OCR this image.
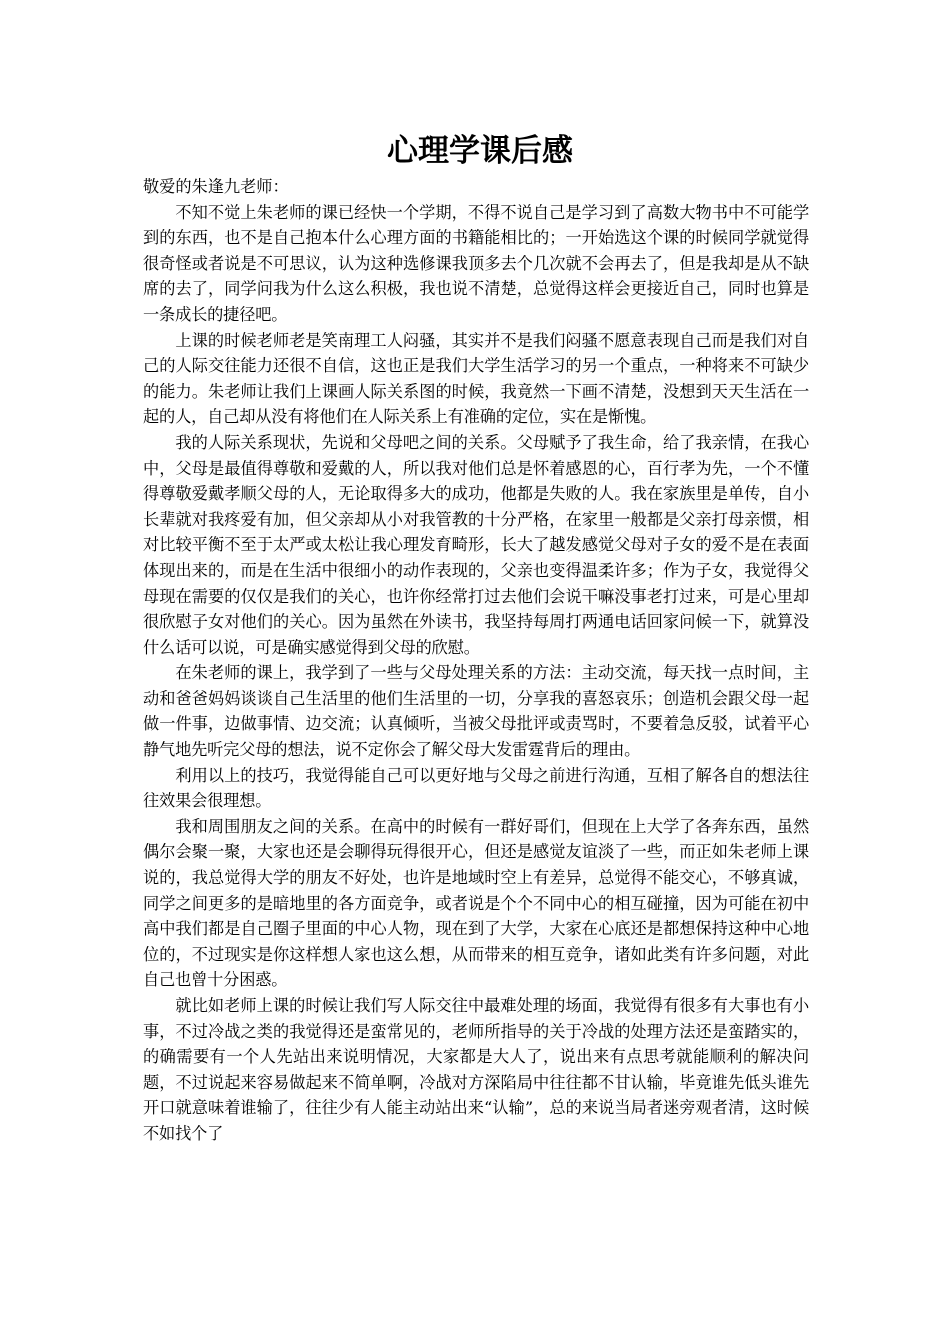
心理学课后感

敬爱的朱逢九老师：

不知不觉上朱老师的课已经快一个学期，不得不说自己是学习到了高数大物书中不可能学到的东西，也不是自己抱本什么心理方面的书籍能相比的；一开始选这个课的时候同学就觉得很奇怪或者说是不可思议，认为这种选修课我顶多去个几次就不会再去了，但是我却是从不缺席的去了，同学问我为什么这么积极，我也说不清楚，总觉得这样会更接近自己，同时也算是一条成长的捷径吧。

上课的时候老师老是笑南理工人闷骚，其实并不是我们闷骚不愿意表现自己而是我们对自己的人际交往能力还很不自信，这也正是我们大学生活学习的另一个重点，一种将来不可缺少的能力。朱老师让我们上课画人际关系图的时候，我竟然一下画不清楚，没想到天天生活在一起的人，自己却从没有将他们在人际关系上有准确的定位，实在是惭愧。

我的人际关系现状，先说和父母吧之间的关系。父母赋予了我生命，给了我亲情，在我心中，父母是最值得尊敬和爱戴的人，所以我对他们总是怀着感恩的心，百行孝为先，一个不懂得尊敬爱戴孝顺父母的人，无论取得多大的成功，他都是失败的人。我在家族里是单传，自小长辈就对我疼爱有加，但父亲却从小对我管教的十分严格，在家里一般都是父亲打母亲惯，相对比较平衡不至于太严或太松让我心理发育畸形，长大了越发感觉父母对子女的爱不是在表面体现出来的，而是在生活中很细小的动作表现的，父亲也变得温柔许多；作为子女，我觉得父母现在需要的仅仅是我们的关心，也许你经常打过去他们会说干嘛没事老打过来，可是心里却很欣慰子女对他们的关心。因为虽然在外读书，我坚持每周打两通电话回家问候一下，就算没什么话可以说，可是确实感觉得到父母的欣慰。

在朱老师的课上，我学到了一些与父母处理关系的方法：主动交流，每天找一点时间，主动和爸爸妈妈谈谈自己生活里的他们生活里的一切，分享我的喜怒哀乐；创造机会跟父母一起做一件事，边做事情、边交流；认真倾听，当被父母批评或责骂时，不要着急反驳，试着平心静气地先听完父母的想法，说不定你会了解父母大发雷霆背后的理由。

利用以上的技巧，我觉得能自己可以更好地与父母之前进行沟通，互相了解各自的想法往往效果会很理想。

我和周围朋友之间的关系。在高中的时候有一群好哥们，但现在上大学了各奔东西，虽然偶尔会聚一聚，大家也还是会聊得玩得很开心，但还是感觉友谊淡了一些，而正如朱老师上课说的，我总觉得大学的朋友不好处，也许是地域时空上有差异，总觉得不能交心，不够真诚，同学之间更多的是暗地里的各方面竞争，或者说是个个不同中心的相互碰撞，因为可能在初中高中我们都是自己圈子里面的中心人物，现在到了大学，大家在心底还是都想保持这种中心地位的，不过现实是你这样想人家也这么想，从而带来的相互竞争，诸如此类有许多问题，对此自己也曾十分困惑。

就比如老师上课的时候让我们写人际交往中最难处理的场面，我觉得有很多有大事也有小事，不过冷战之类的我觉得还是蛮常见的，老师所指导的关于冷战的处理方法还是蛮踏实的，的确需要有一个人先站出来说明情况，大家都是大人了，说出来有点思考就能顺利的解决问题，不过说起来容易做起来不简单啊，冷战对方深陷局中往往都不甘认输，毕竟谁先低头谁先开口就意味着谁输了，往往少有人能主动站出来“认输”，总的来说当局者迷旁观者清，这时候不如找个了
